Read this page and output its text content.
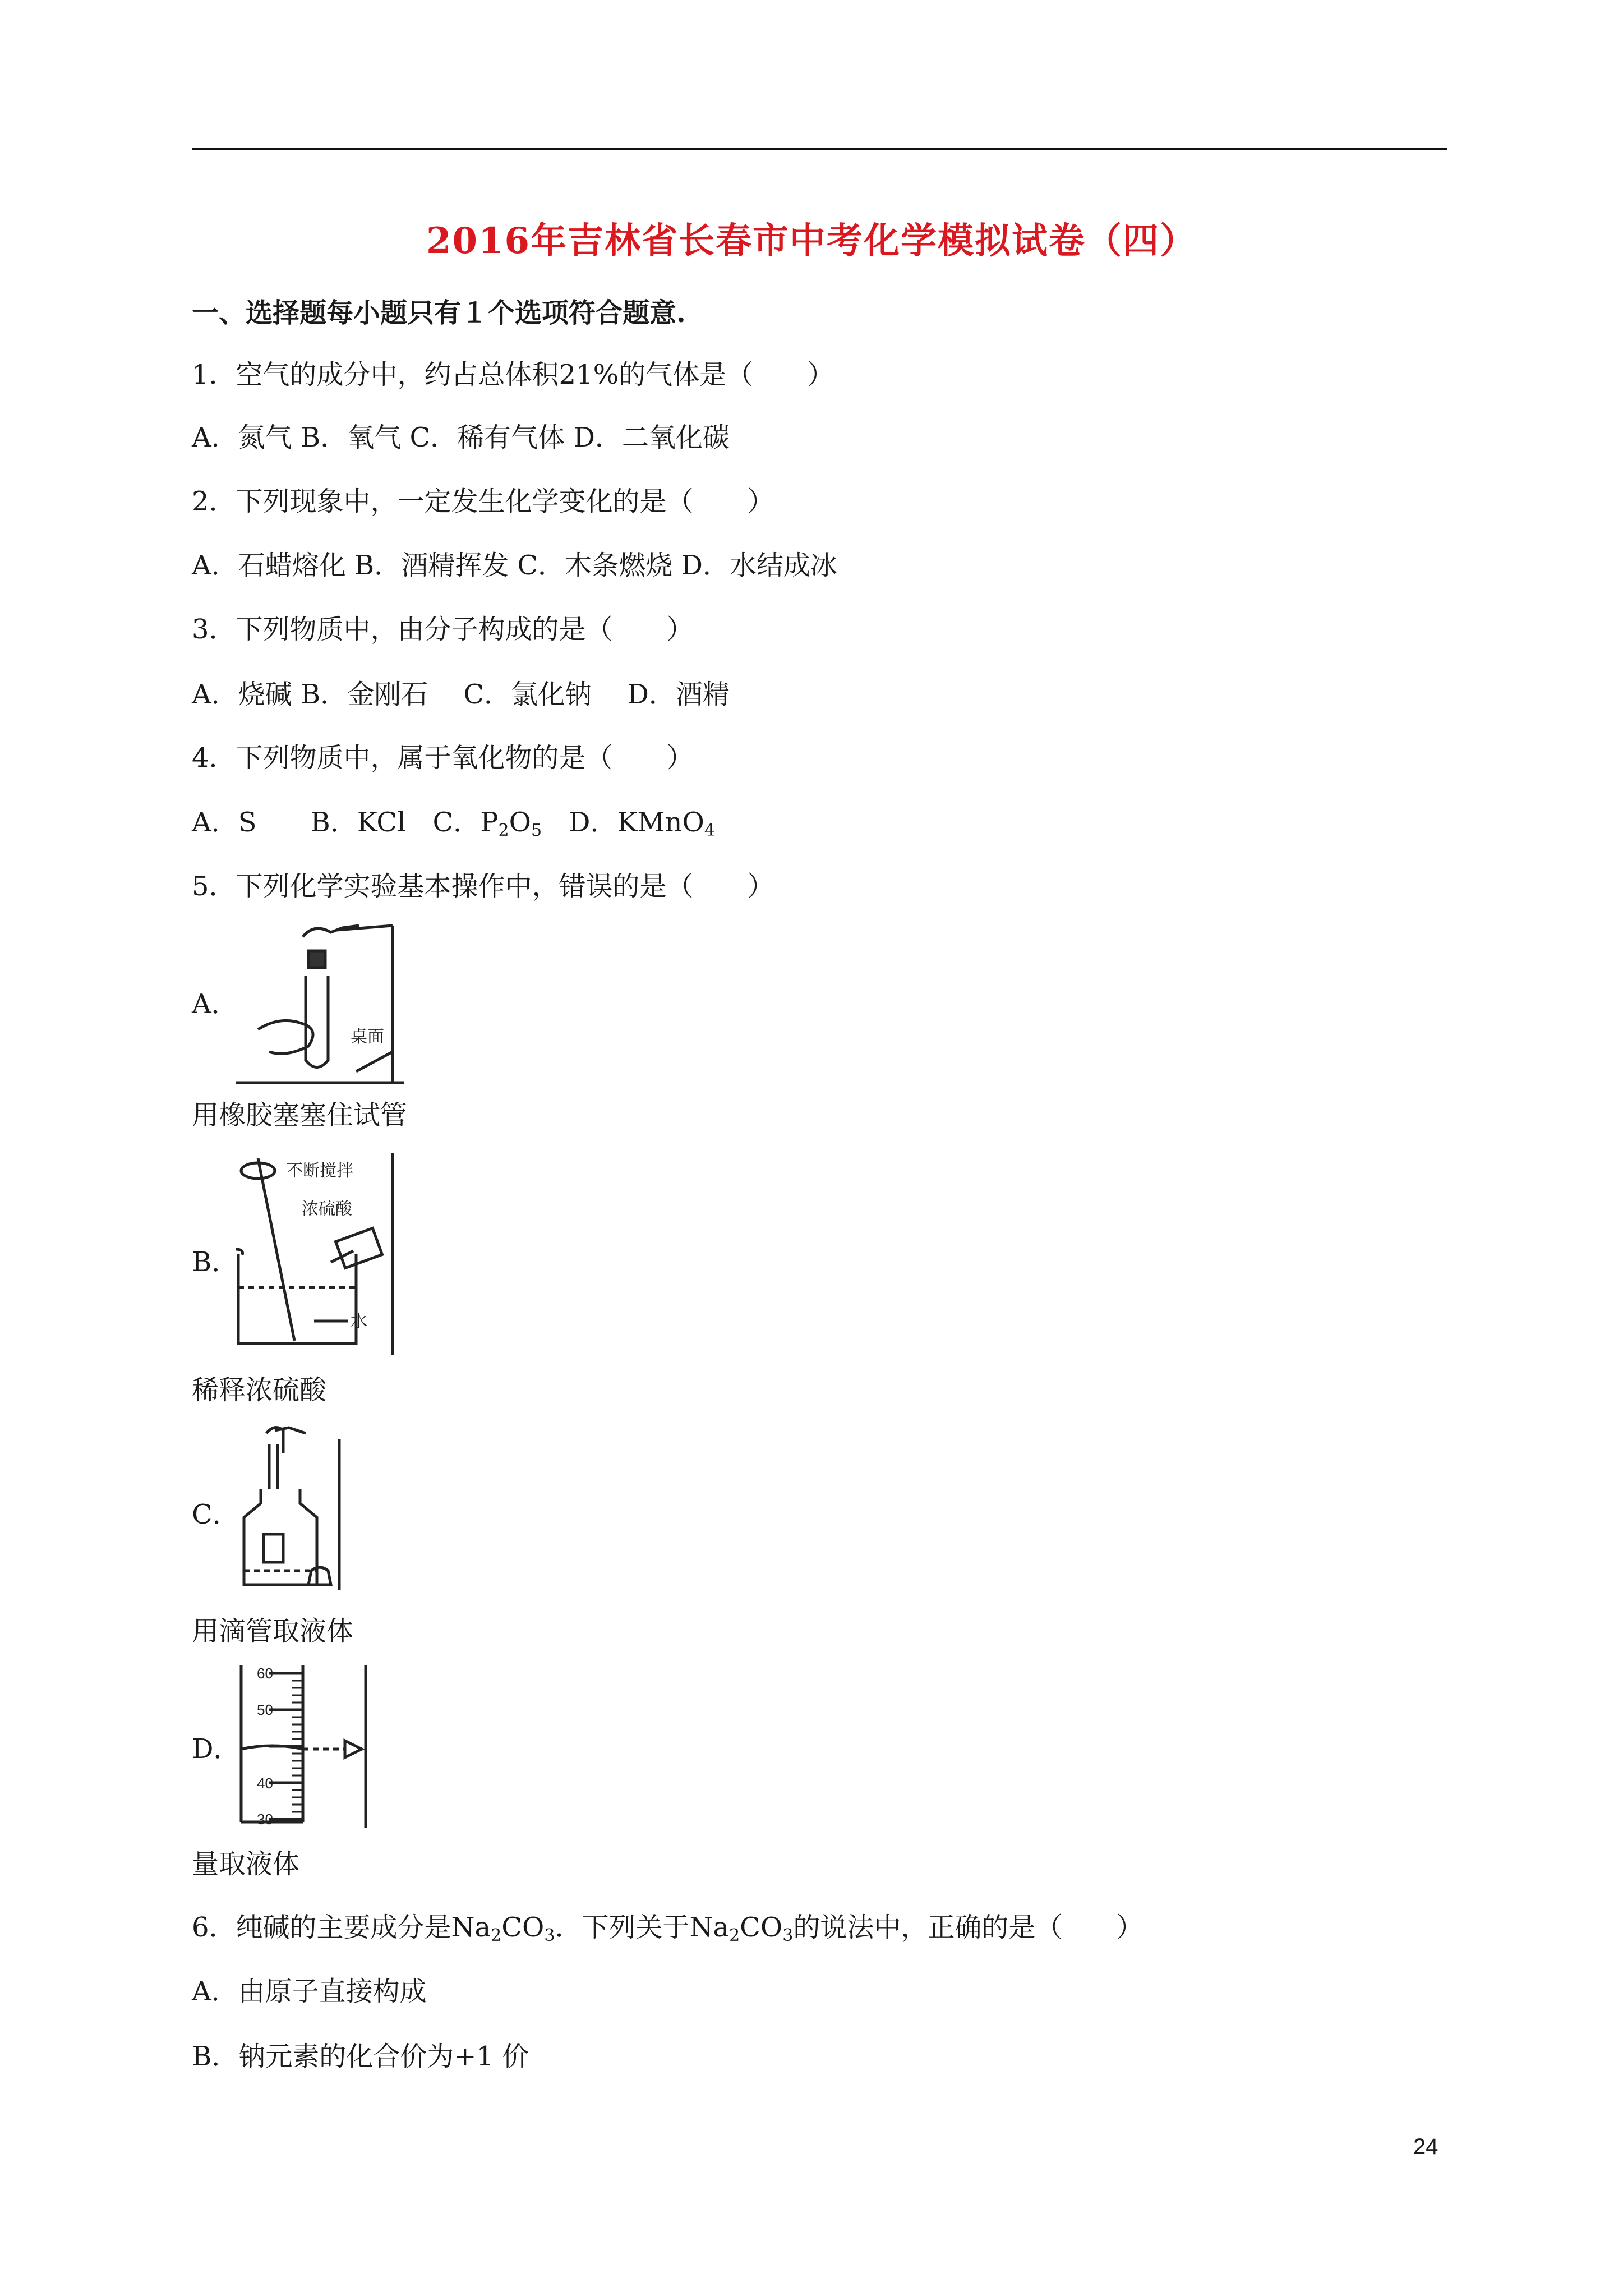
2016年吉林省长春市中考化学模拟试卷（四）
一、选择题每小题只有１个选项符合题意.
1．空气的成分中，约占总体积21%的气体是（　　）
A．氮气 B．氧气 C．稀有气体 D．二氧化碳
2．下列现象中，一定发生化学变化的是（　　）
A．石蜡熔化 B．酒精挥发 C．木条燃烧 D．水结成冰
3．下列物质中，由分子构成的是（　　）
A．烧碱 B．金刚石　 C．氯化钠　 D．酒精
4．下列物质中，属于氧化物的是（　　）
A．S　　B．KCl　C．$P_2O_5$　D．KMnO$_4$
5．下列化学实验基本操作中，错误的是（　　）
A．
桌面
用橡胶塞塞住试管
B．
不断搅拌
浓硫酸
水
稀释浓硫酸
C．
用滴管取液体
D．
60
50
40
30
量取液体
6．纯碱的主要成分是$Na_2CO_3$．下列关于$Na_2CO_3$的说法中，正确的是（　　）
A．由原子直接构成
B．钠元素的化合价为+1 价
24
